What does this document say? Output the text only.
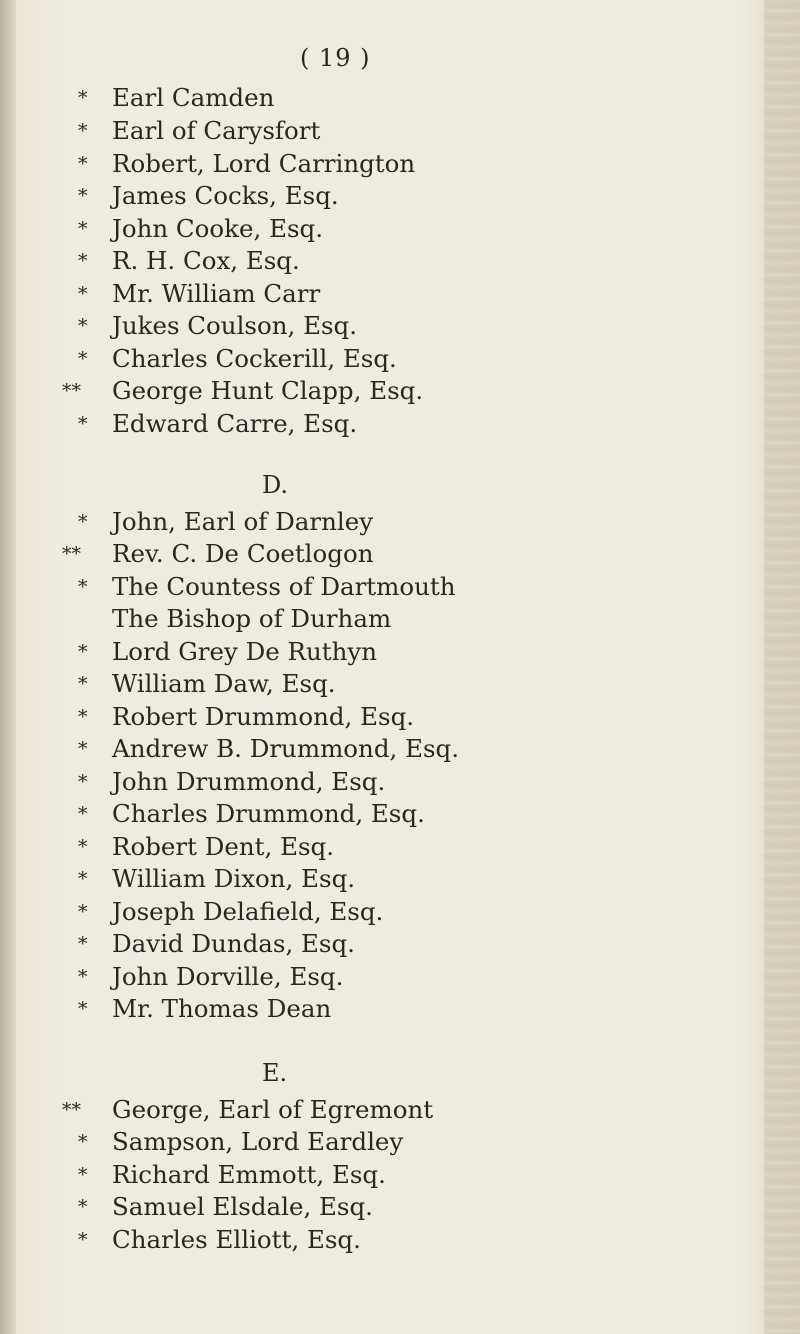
( 19 )
* Earl Camden
* Earl of Carysfort
* Robert, Lord Carrington
* James Cocks, Esq.
* John Cooke, Esq.
* R. H. Cox, Esq.
* Mr. William Carr
* Jukes Coulson, Esq.
* Charles Cockerill, Esq.
** George Hunt Clapp, Esq.
* Edward Carre, Esq.
D.
* John, Earl of Darnley
** Rev. C. De Coetlogon
* The Countess of Dartmouth
The Bishop of Durham
* Lord Grey De Ruthyn
* William Daw, Esq.
* Robert Drummond, Esq.
* Andrew B. Drummond, Esq.
* John Drummond, Esq.
* Charles Drummond, Esq.
* Robert Dent, Esq.
* William Dixon, Esq.
* Joseph Delafield, Esq.
* David Dundas, Esq.
* John Dorville, Esq.
* Mr. Thomas Dean
E.
** George, Earl of Egremont
* Sampson, Lord Eardley
* Richard Emmott, Esq.
* Samuel Elsdale, Esq.
* Charles Elliott, Esq.
